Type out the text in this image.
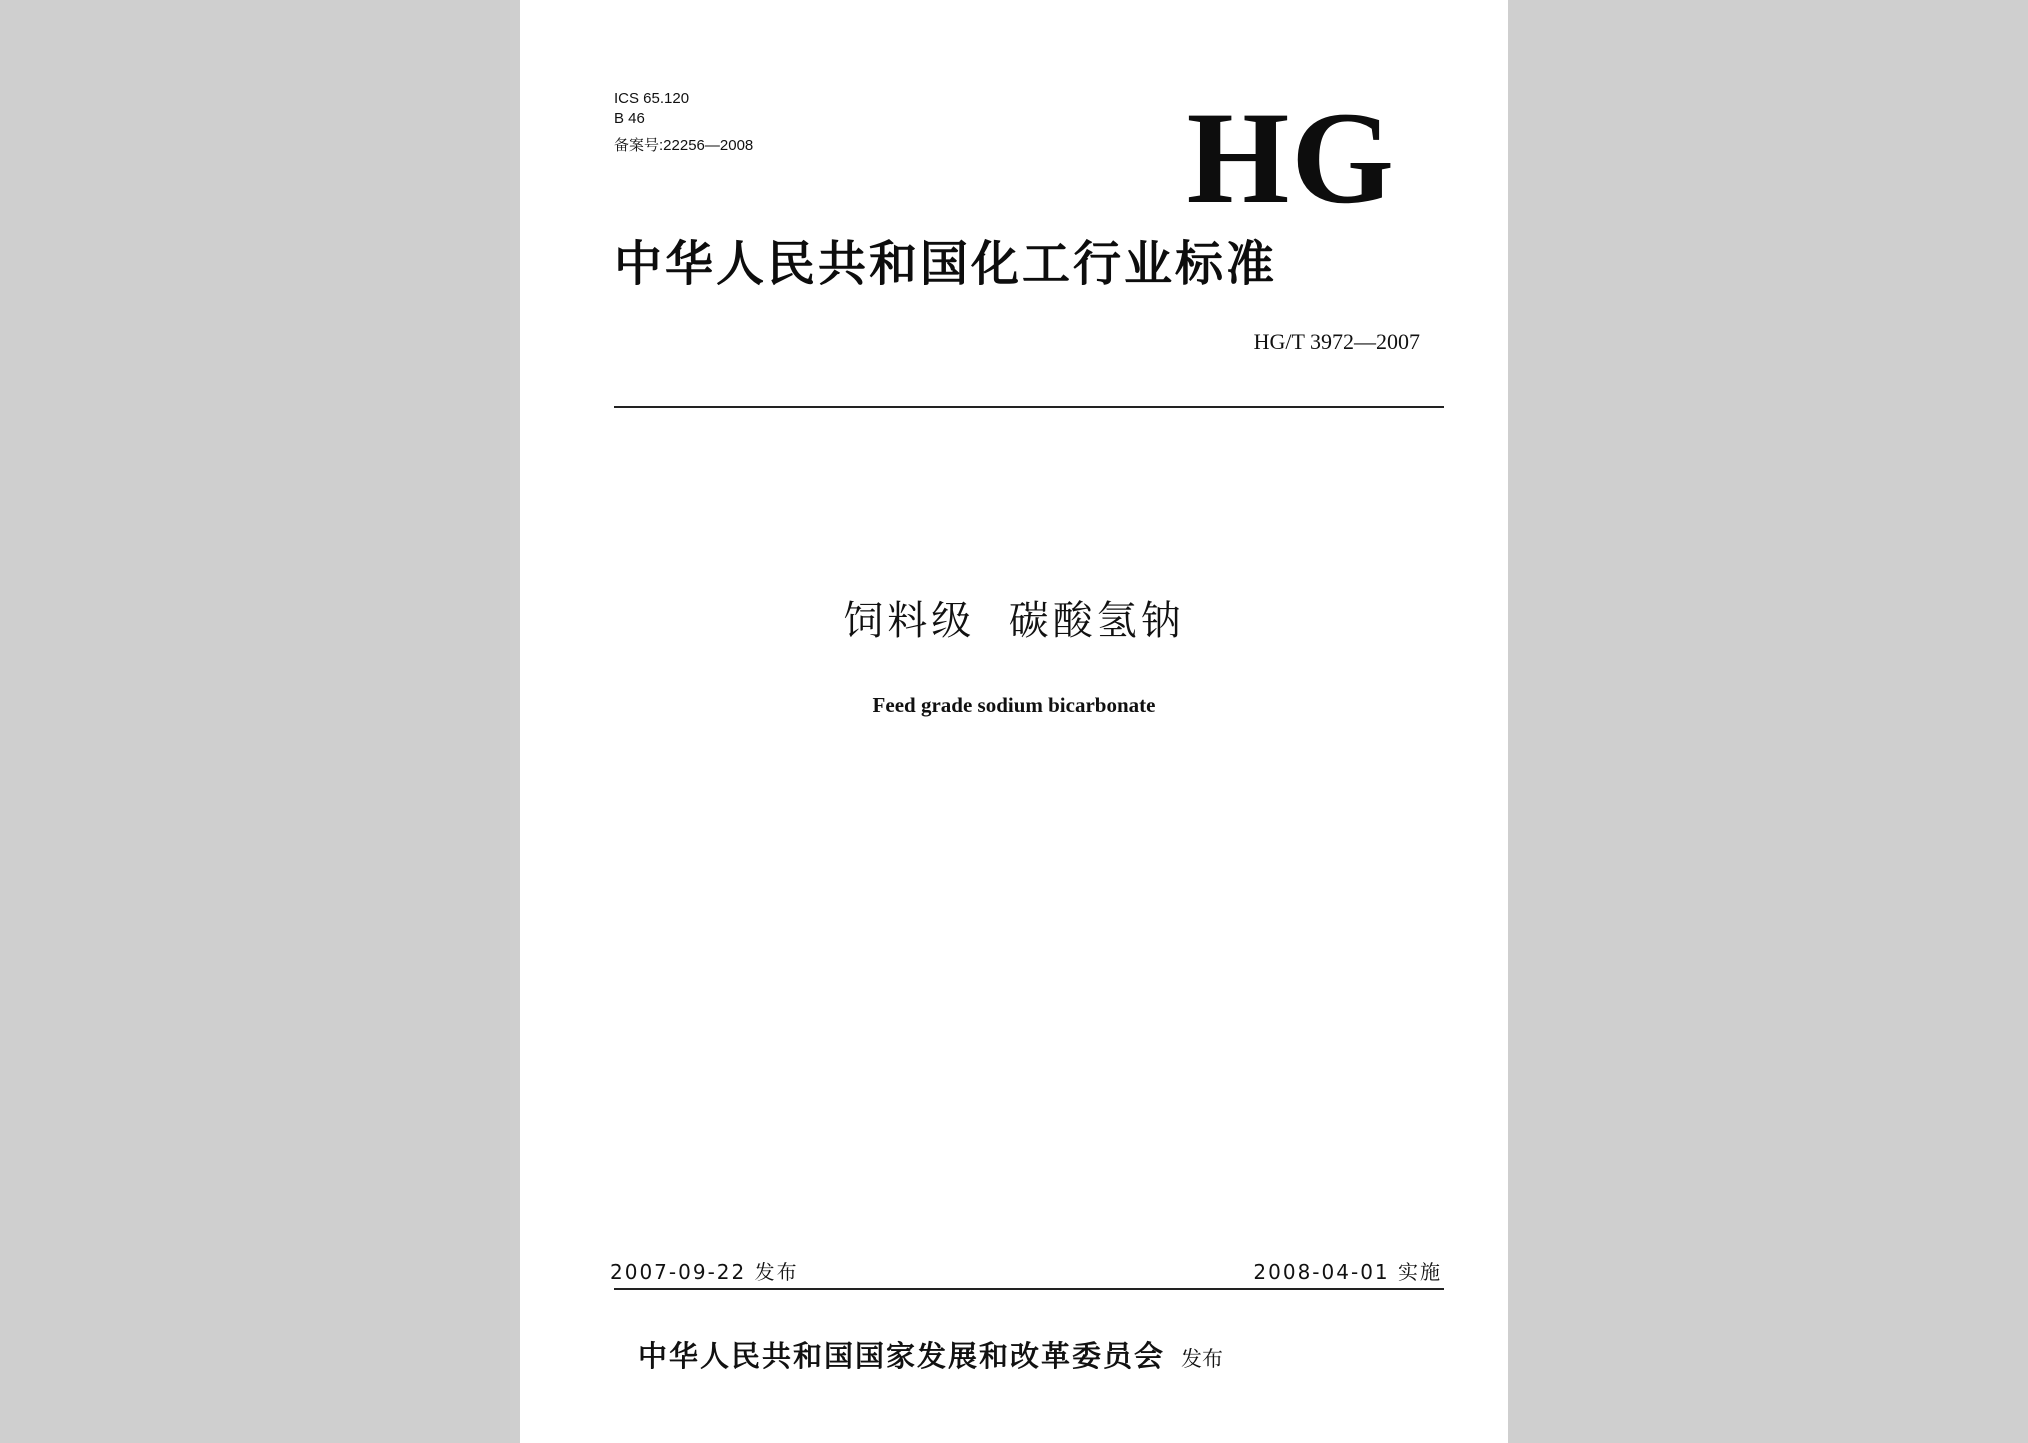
ICS 65.120
B 46
备案号:22256—2008	HG
中华人民共和国化工行业标准
HG/T 3972—2007
饲料级  碳酸氢钠
Feed grade sodium bicarbonate
2007-09-22 发布	2008-04-01 实施
中华人民共和国国家发展和改革委员会 发布
